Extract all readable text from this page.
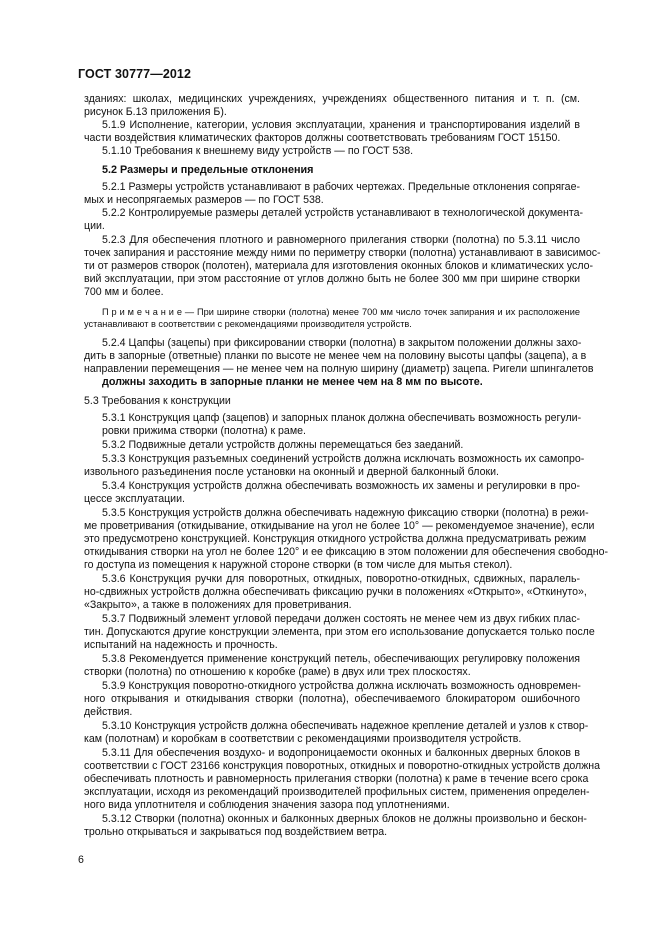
ГОСТ 30777—2012
зданиях: школах, медицинских учреждениях, учреждениях общественного питания и т. п. (см.
рисунок Б.13 приложения Б).
5.1.9 Исполнение, категории, условия эксплуатации, хранения и транспортирования изделий в
части воздействия климатических факторов должны соответствовать требованиям ГОСТ 15150.
5.1.10 Требования к внешнему виду устройств — по ГОСТ 538.
5.2 Размеры и предельные отклонения
5.2.1 Размеры устройств устанавливают в рабочих чертежах. Предельные отклонения сопрягае-
мых и несопрягаемых размеров — по ГОСТ 538.
5.2.2 Контролируемые размеры деталей устройств устанавливают в технологической документа-
ции.
5.2.3 Для обеспечения плотного и равномерного прилегания створки (полотна) по 5.3.11 число
точек запирания и расстояние между ними по периметру створки (полотна) устанавливают в зависимос-
ти от размеров створок (полотен), материала для изготовления оконных блоков и климатических усло-
вий эксплуатации, при этом расстояние от углов должно быть не более 300 мм при ширине створки
700 мм и более.
П р и м е ч а н и е — При ширине створки (полотна) менее 700 мм число точек запирания и их расположение
устанавливают в соответствии с рекомендациями производителя устройств.
5.2.4 Цапфы (зацепы) при фиксировании створки (полотна) в закрытом положении должны захо-
дить в запорные (ответные) планки по высоте не менее чем на половину высоты цапфы (зацепа), а в
направлении перемещения — не менее чем на полную ширину (диаметр) зацепа. Ригели шпингалетов
должны заходить в запорные планки не менее чем на 8 мм по высоте.
5.3 Требования к конструкции
5.3.1 Конструкция цапф (зацепов) и запорных планок должна обеспечивать возможность регули-
ровки прижима створки (полотна) к раме.
5.3.2 Подвижные детали устройств должны перемещаться без заеданий.
5.3.3 Конструкция разъемных соединений устройств должна исключать возможность их самопро-
извольного разъединения после установки на оконный и дверной балконный блоки.
5.3.4 Конструкция устройств должна обеспечивать возможность их замены и регулировки в про-
цессе эксплуатации.
5.3.5 Конструкция устройств должна обеспечивать надежную фиксацию створки (полотна) в режи-
ме проветривания (откидывание, откидывание на угол не более 10° — рекомендуемое значение), если
это предусмотрено конструкцией. Конструкция откидного устройства должна предусматривать режим
откидывания створки на угол не более 120° и ее фиксацию в этом положении для обеспечения свободно-
го доступа из помещения к наружной стороне створки (в том числе для мытья стекол).
5.3.6 Конструкция ручки для поворотных, откидных, поворотно-откидных, сдвижных, паралель-
но-сдвижных устройств должна обеспечивать фиксацию ручки в положениях «Открыто», «Откинуто»,
«Закрыто», а также в положениях для проветривания.
5.3.7 Подвижный элемент угловой передачи должен состоять не менее чем из двух гибких плас-
тин. Допускаются другие конструкции элемента, при этом его использование допускается только после
испытаний на надежность и прочность.
5.3.8 Рекомендуется применение конструкций петель, обеспечивающих регулировку положения
створки (полотна) по отношению к коробке (раме) в двух или трех плоскостях.
5.3.9 Конструкция поворотно-откидного устройства должна исключать возможность одновремен-
ного открывания и откидывания створки (полотна), обеспечиваемого блокиратором ошибочного
действия.
5.3.10 Конструкция устройств должна обеспечивать надежное крепление деталей и узлов к створ-
кам (полотнам) и коробкам в соответствии с рекомендациями производителя устройств.
5.3.11 Для обеспечения воздухо- и водопроницаемости оконных и балконных дверных блоков в
соответствии с ГОСТ 23166 конструкция поворотных, откидных и поворотно-откидных устройств должна
обеспечивать плотность и равномерность прилегания створки (полотна) к раме в течение всего срока
эксплуатации, исходя из рекомендаций производителей профильных систем, применения определен-
ного вида уплотнителя и соблюдения значения зазора под уплотнениями.
5.3.12 Створки (полотна) оконных и балконных дверных блоков не должны произвольно и бескон-
трольно открываться и закрываться под воздействием ветра.
6
